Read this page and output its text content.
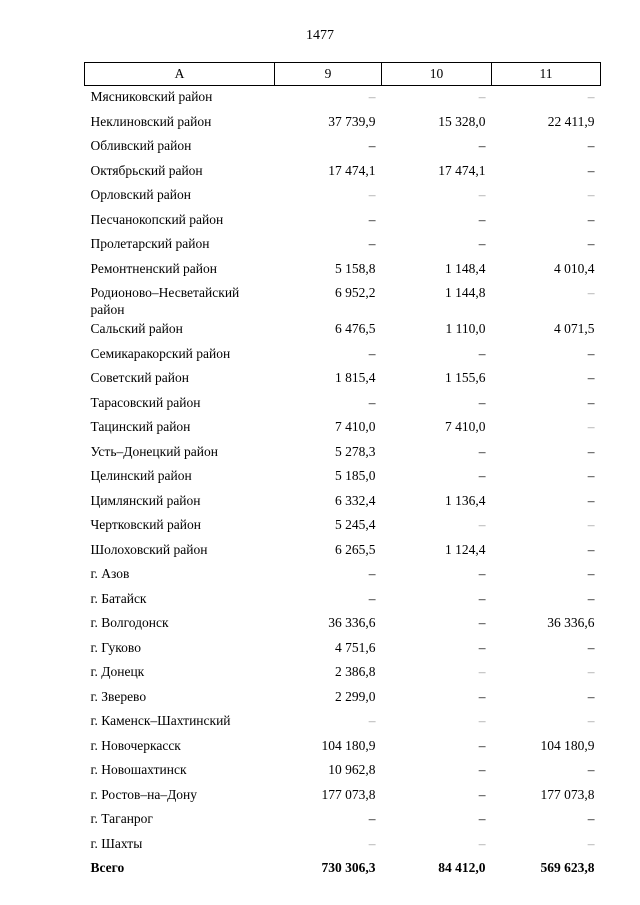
1477
А	9	10	11
Мясниковский район	–	–	–
Неклиновский район	37 739,9	15 328,0	22 411,9
Обливский район	–	–	–
Октябрьский район	17 474,1	17 474,1	–
Орловский район	–	–	–
Песчанокопский район	–	–	–
Пролетарский район	–	–	–
Ремонтненский район	5 158,8	1 148,4	4 010,4
Родионово–Несветайский район	6 952,2	1 144,8	–
Сальский район	6 476,5	1 110,0	4 071,5
Семикаракорский район	–	–	–
Советский район	1 815,4	1 155,6	–
Тарасовский район	–	–	–
Тацинский район	7 410,0	7 410,0	–
Усть–Донецкий район	5 278,3	–	–
Целинский район	5 185,0	–	–
Цимлянский район	6 332,4	1 136,4	–
Чертковский район	5 245,4	–	–
Шолоховский район	6 265,5	1 124,4	–
г. Азов	–	–	–
г. Батайск	–	–	–
г. Волгодонск	36 336,6	–	36 336,6
г. Гуково	4 751,6	–	–
г. Донецк	2 386,8	–	–
г. Зверево	2 299,0	–	–
г. Каменск–Шахтинский	–	–	–
г. Новочеркасск	104 180,9	–	104 180,9
г. Новошахтинск	10 962,8	–	–
г. Ростов–на–Дону	177 073,8	–	177 073,8
г. Таганрог	–	–	–
г. Шахты	–	–	–
Всего	730 306,3	84 412,0	569 623,8
